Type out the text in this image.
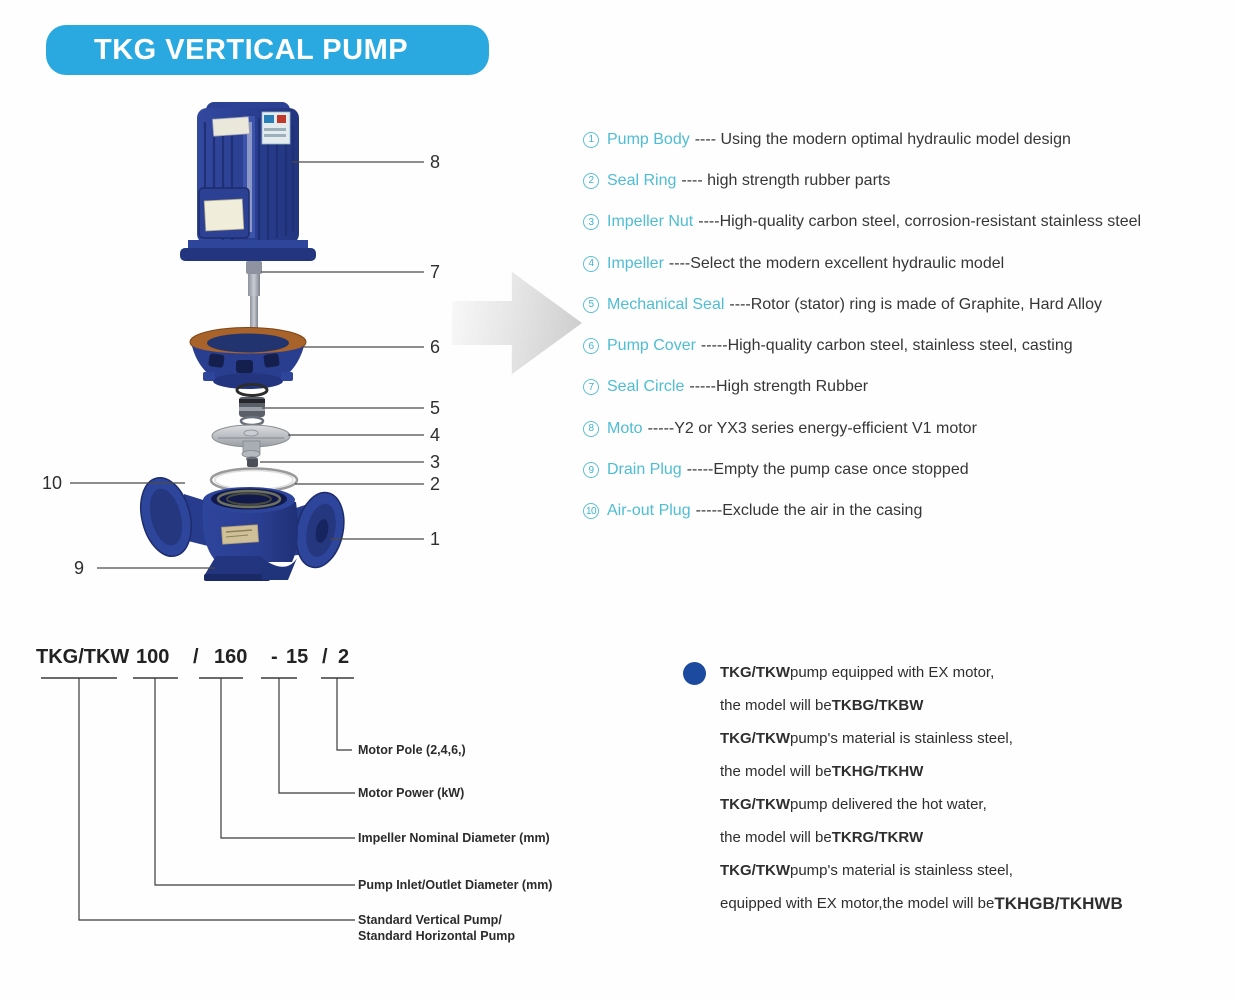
TKG VERTICAL PUMP
8
7
6
5
4
3
2
1
10
9
1 Pump Body ---- Using the modern optimal hydraulic model design
2 Seal Ring ---- high strength rubber parts
3 Impeller Nut ----High-quality carbon steel, corrosion-resistant stainless steel
4 Impeller ----Select the modern excellent hydraulic model
5 Mechanical Seal ----Rotor (stator) ring is made of Graphite, Hard Alloy
6 Pump Cover -----High-quality carbon steel, stainless steel, casting
7 Seal Circle -----High strength Rubber
8 Moto -----Y2 or YX3 series energy-efficient V1 motor
9 Drain Plug -----Empty the pump case once stopped
10 Air-out Plug -----Exclude the air in the casing
TKG/TKW 100 / 160 - 15 / 2
Motor Pole (2,4,6,)
Motor Power (kW)
Impeller Nominal Diameter (mm)
Pump Inlet/Outlet Diameter (mm)
Standard Vertical Pump/
Standard Horizontal Pump
TKG/TKW pump equipped with EX motor,
the model will be TKBG/TKBW
TKG/TKW pump's material is stainless steel,
the model will be TKHG/TKHW
TKG/TKW pump delivered the hot water,
the model will be TKRG/TKRW
TKG/TKW pump's material is stainless steel,
equipped with EX motor,the model will be TKHGB/TKHWB
